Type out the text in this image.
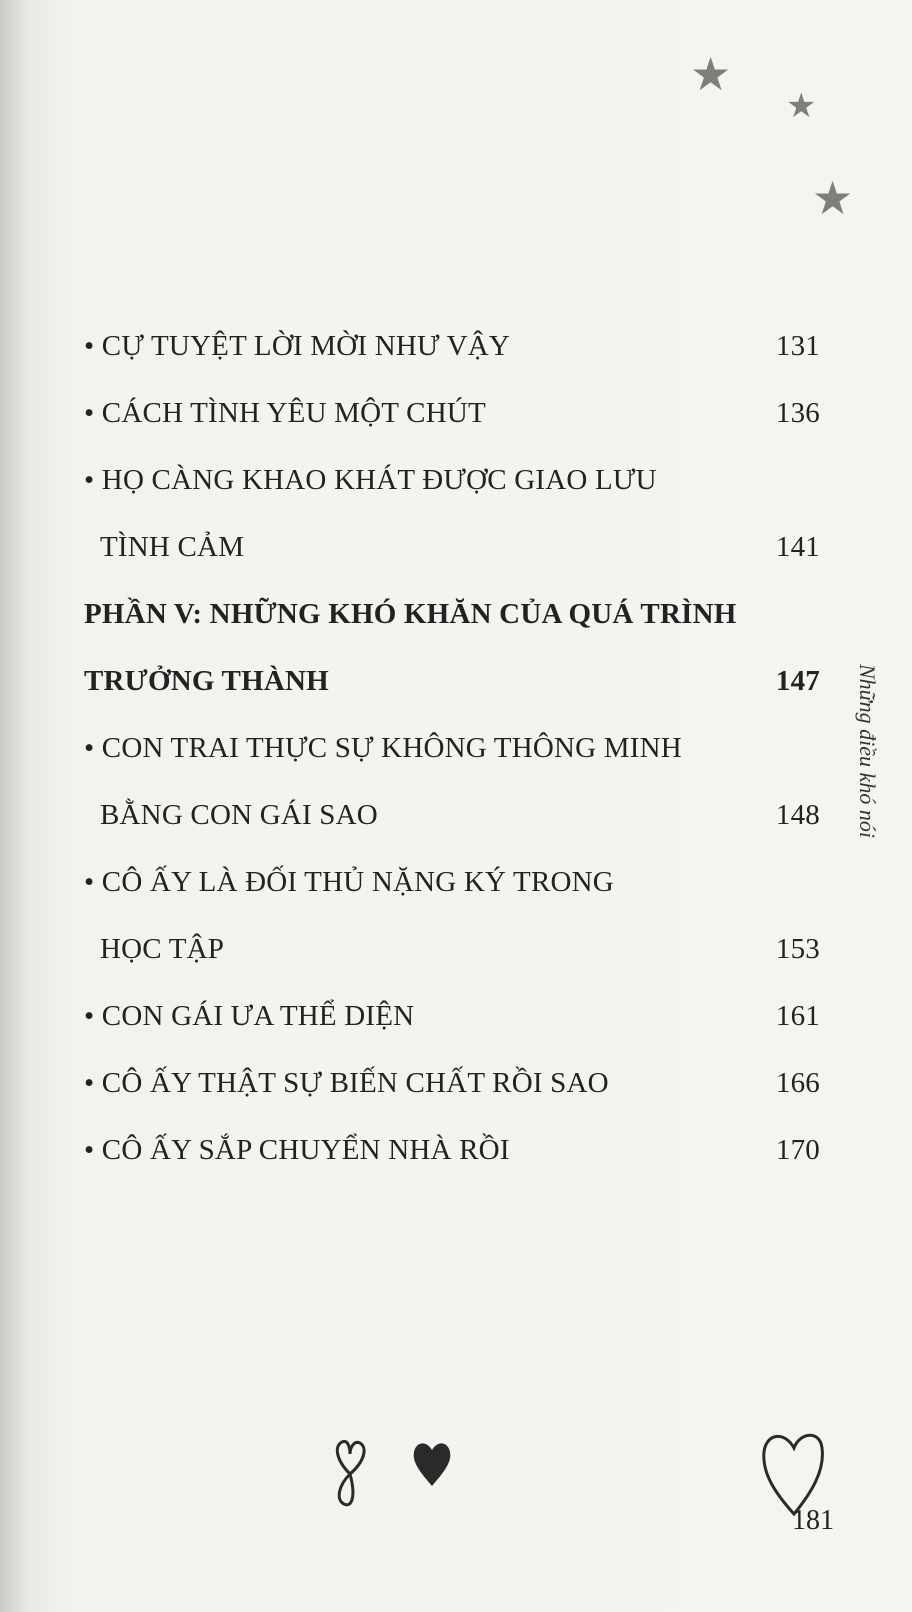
★
★
★
• CỰ TUYỆT LỜI MỜI NHƯ VẬY	131
• CÁCH TÌNH YÊU MỘT CHÚT	136
• HỌ CÀNG KHAO KHÁT ĐƯỢC GIAO LƯU
TÌNH CẢM	141
PHẦN V: NHỮNG KHÓ KHĂN CỦA QUÁ TRÌNH
TRƯỞNG THÀNH	147
• CON TRAI THỰC SỰ KHÔNG THÔNG MINH
BẰNG CON GÁI SAO	148
• CÔ ẤY LÀ ĐỐI THỦ NẶNG KÝ TRONG
HỌC TẬP	153
• CON GÁI ƯA THỂ DIỆN	161
• CÔ ẤY THẬT SỰ BIẾN CHẤT RỒI SAO	166
• CÔ ẤY SẮP CHUYỂN NHÀ RỒI	170
Những điều khó nói
181
